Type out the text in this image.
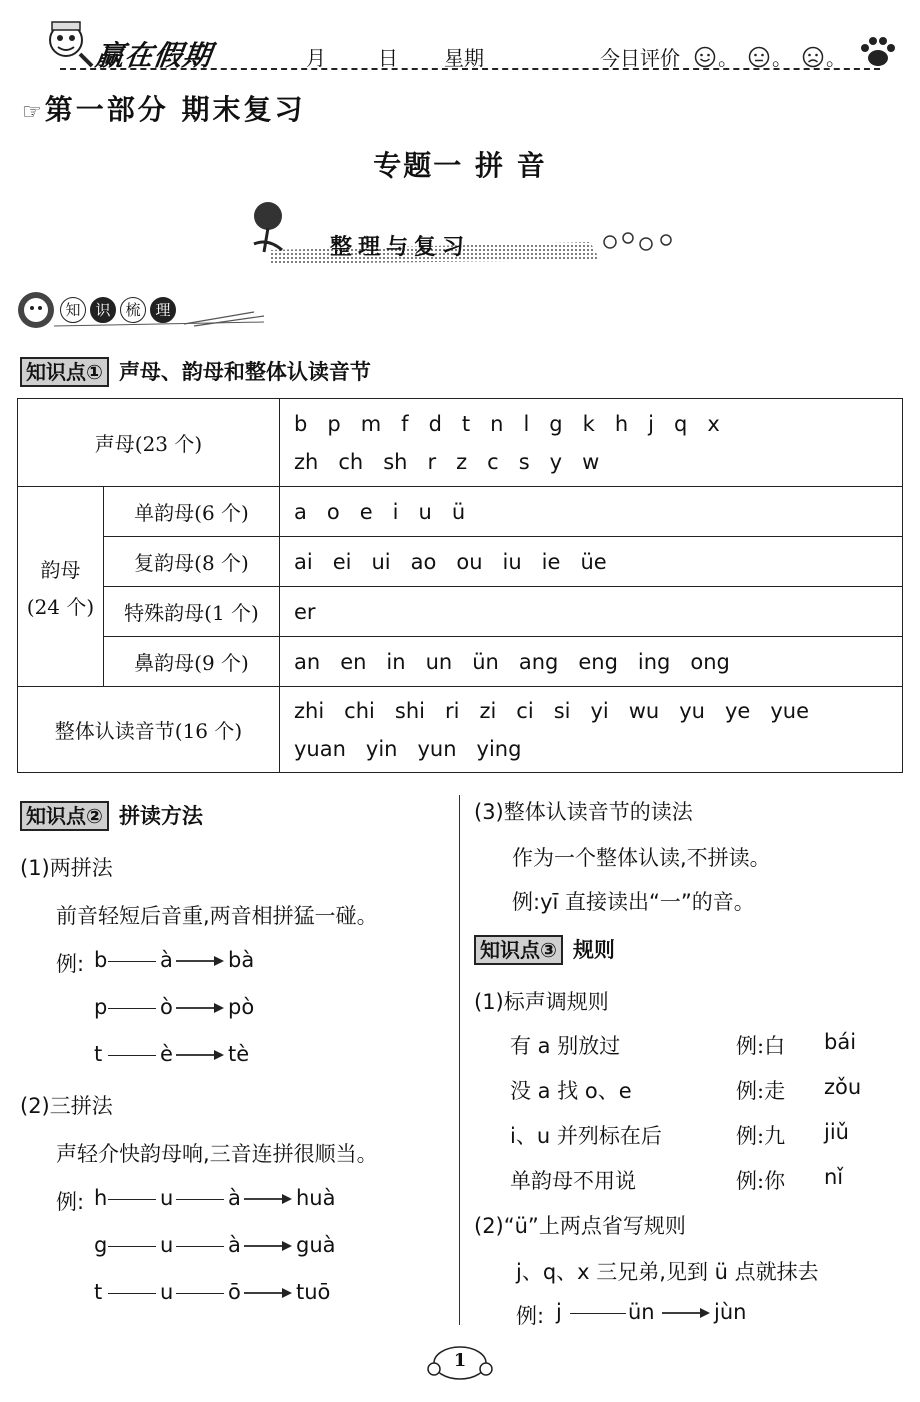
赢在假期	月	日 星期	今日评价 。 。 。
☞第一部分 期末复习
专题一 拼 音
整理与复习
知 识 梳 理
知识点① 声母、韵母和整体认读音节
声母(23 个)		b p m f d t n l g k h j q x
zh ch sh r z c s y w

韵母
(24 个)	单韵母(6 个)	a o e i u ü
	复韵母(8 个)	ai ei ui ao ou iu ie üe
	特殊韵母(1 个)	er
	鼻韵母(9 个)	an en in un ün ang eng ing ong
整体认读音节(16 个)		zhi chi shi ri zi ci si yi wu yu ye yue
yuan yin yun ying
知识点② 拼读方法
(1)两拼法
前音轻短后音重,两音相拼猛一碰。
例: b	à	bà
p	ò	pò
t	è	tè
(2)三拼法
声轻介快韵母响,三音连拼很顺当。
例: h	u	à	huà
g	u	à	guà
t	u	ō	tuō
(3)整体认读音节的读法
作为一个整体认读,不拼读。
例:yī 直接读出“一”的音。
知识点③ 规则
(1)标声调规则
有 a 别放过	例:白 bái
没 a 找 o、e	例:走 zǒu
i、u 并列标在后	例:九 jiǔ
单韵母不用说	例:你 nǐ
(2)“ü”上两点省写规则
j、q、x 三兄弟,见到 ü 点就抹去
例: j	ün	jùn
1
